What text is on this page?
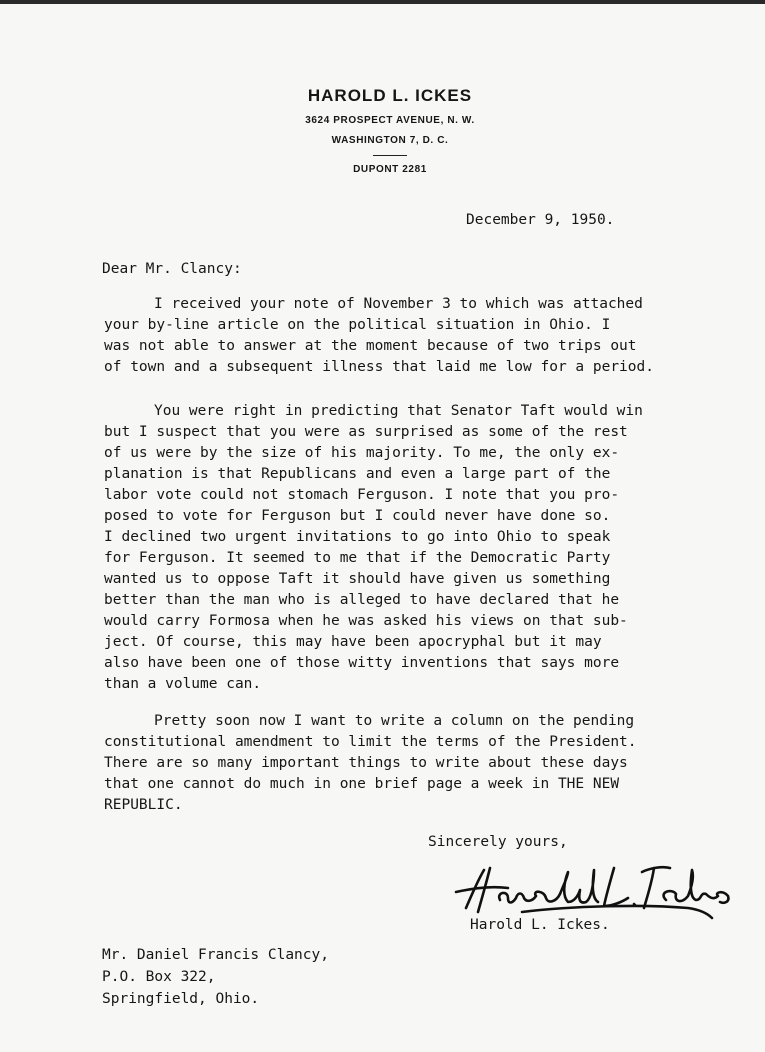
HAROLD L. ICKES
3624 PROSPECT AVENUE, N. W.
WASHINGTON 7, D. C.
DUPONT 2281
December 9, 1950.
Dear Mr. Clancy:
I received your note of November 3 to which was attached
your by-line article on the political situation in Ohio. I
was not able to answer at the moment because of two trips out
of town and a subsequent illness that laid me low for a period.
You were right in predicting that Senator Taft would win
but I suspect that you were as surprised as some of the rest
of us were by the size of his majority. To me, the only ex-
planation is that Republicans and even a large part of the
labor vote could not stomach Ferguson. I note that you pro-
posed to vote for Ferguson but I could never have done so.
I declined two urgent invitations to go into Ohio to speak
for Ferguson. It seemed to me that if the Democratic Party
wanted us to oppose Taft it should have given us something
better than the man who is alleged to have declared that he
would carry Formosa when he was asked his views on that sub-
ject. Of course, this may have been apocryphal but it may
also have been one of those witty inventions that says more
than a volume can.
Pretty soon now I want to write a column on the pending
constitutional amendment to limit the terms of the President.
There are so many important things to write about these days
that one cannot do much in one brief page a week in THE NEW
REPUBLIC.
Sincerely yours,
Harold L. Ickes.
Mr. Daniel Francis Clancy,
P.O. Box 322,
Springfield, Ohio.
